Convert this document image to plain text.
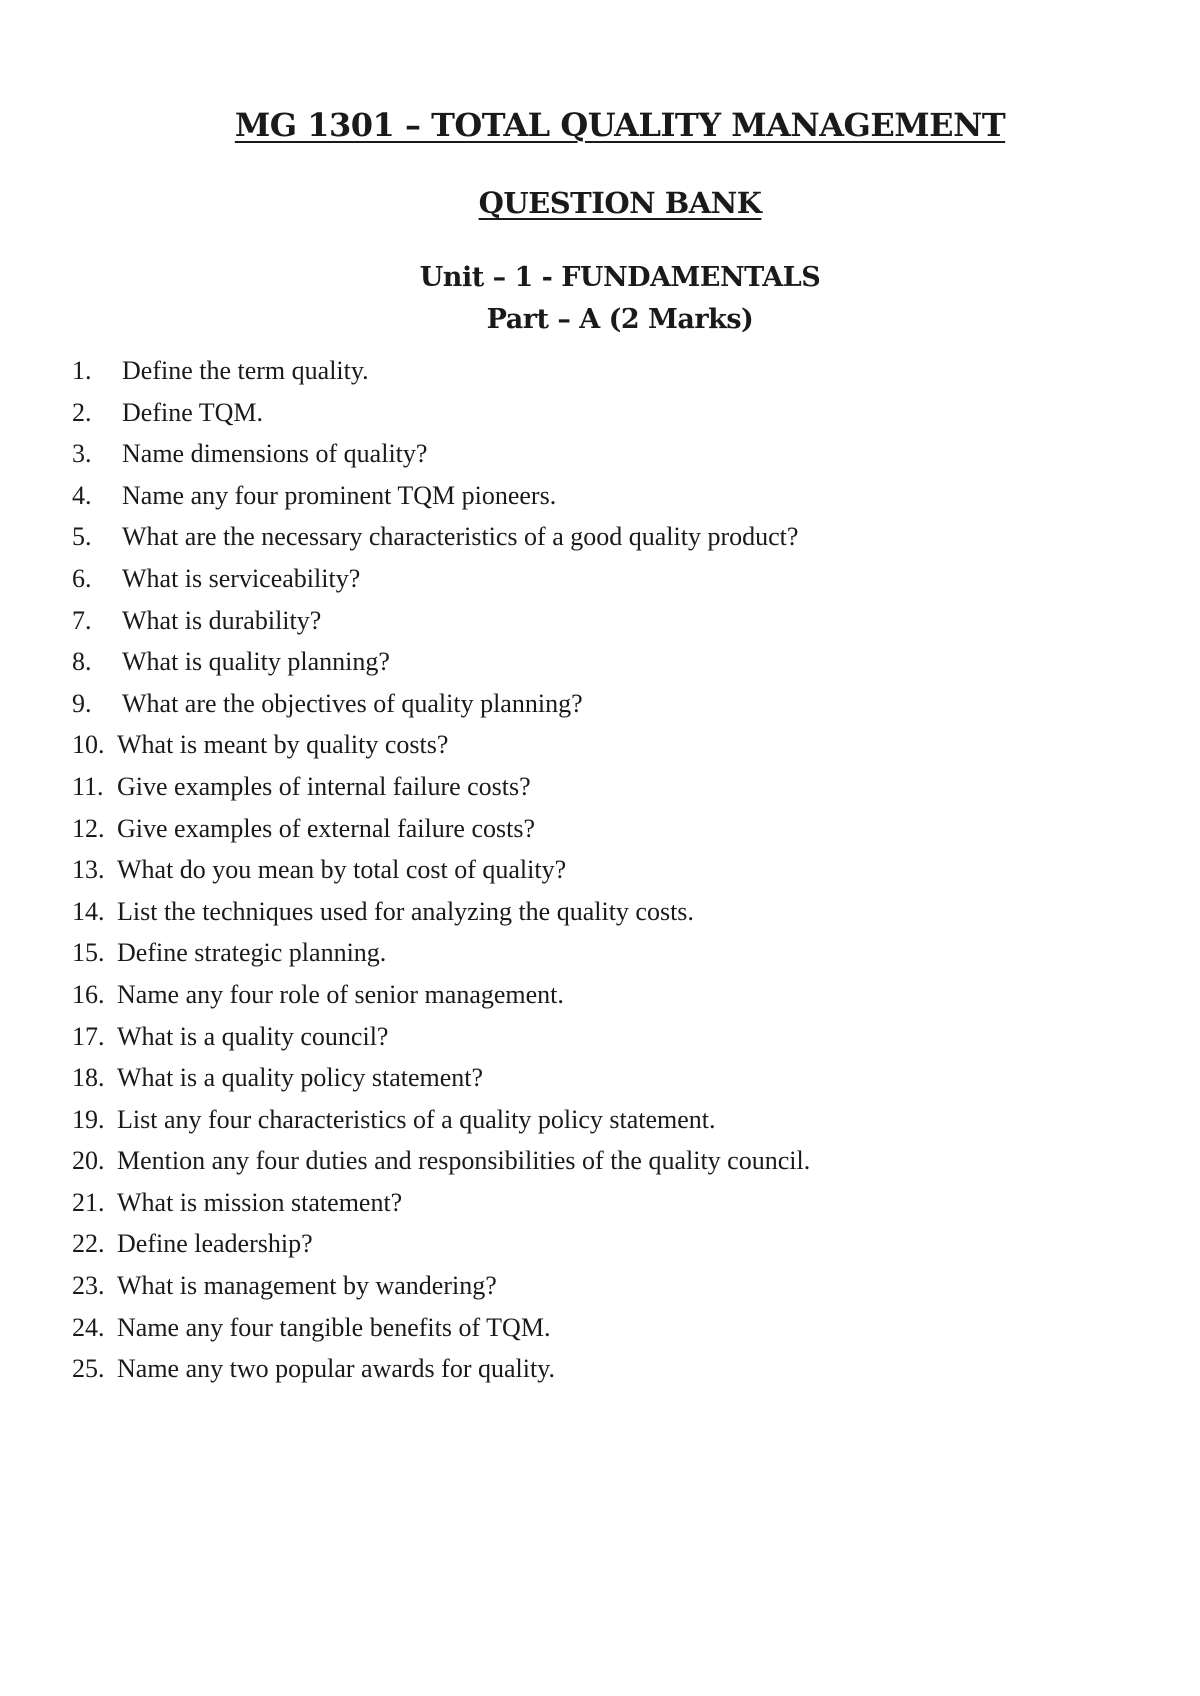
MG 1301 – TOTAL QUALITY MANAGEMENT
QUESTION BANK
Unit – 1 - FUNDAMENTALS
Part – A (2 Marks)
1. Define the term quality.
2. Define TQM.
3. Name dimensions of quality?
4. Name any four prominent TQM pioneers.
5. What are the necessary characteristics of a good quality product?
6. What is serviceability?
7. What is durability?
8. What is quality planning?
9. What are the objectives of quality planning?
10. What is meant by quality costs?
11. Give examples of internal failure costs?
12. Give examples of external failure costs?
13. What do you mean by total cost of quality?
14. List the techniques used for analyzing the quality costs.
15. Define strategic planning.
16. Name any four role of senior management.
17. What is a quality council?
18. What is a quality policy statement?
19. List any four characteristics of a quality policy statement.
20. Mention any four duties and responsibilities of the quality council.
21. What is mission statement?
22. Define leadership?
23. What is management by wandering?
24. Name any four tangible benefits of TQM.
25. Name any two popular awards for quality.
